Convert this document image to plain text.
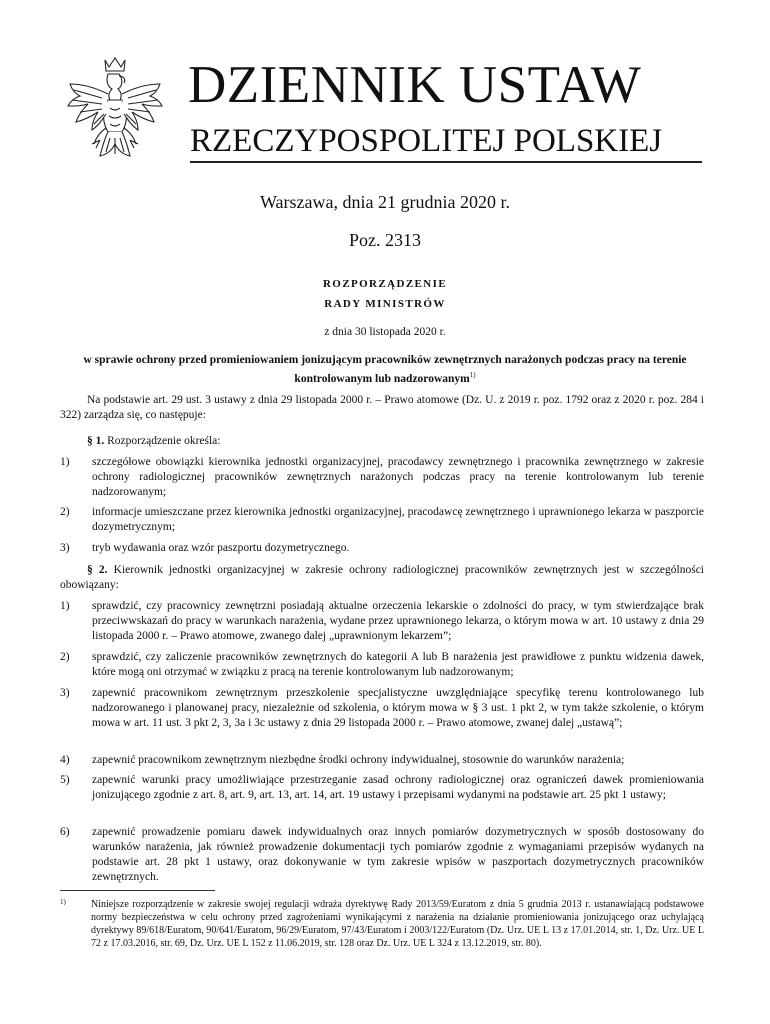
DZIENNIK USTAW
RZECZYPOSPOLITEJ POLSKIEJ
Warszawa, dnia 21 grudnia 2020 r.
Poz. 2313
ROZPORZĄDZENIE
RADY MINISTRÓW
z dnia 30 listopada 2020 r.
w sprawie ochrony przed promieniowaniem jonizującym pracowników zewnętrznych narażonych podczas pracy na terenie kontrolowanym lub nadzorowanym$^{1)}$
Na podstawie art. 29 ust. 3 ustawy z dnia 29 listopada 2000 r. – Prawo atomowe (Dz. U. z 2019 r. poz. 1792 oraz z 2020 r. poz. 284 i 322) zarządza się, co następuje:
§ 1. Rozporządzenie określa:
1) szczegółowe obowiązki kierownika jednostki organizacyjnej, pracodawcy zewnętrznego i pracownika zewnętrznego w zakresie ochrony radiologicznej pracowników zewnętrznych narażonych podczas pracy na terenie kontrolowanym lub terenie nadzorowanym;
2) informacje umieszczane przez kierownika jednostki organizacyjnej, pracodawcę zewnętrznego i uprawnionego lekarza w paszporcie dozymetrycznym;
3) tryb wydawania oraz wzór paszportu dozymetrycznego.
§ 2. Kierownik jednostki organizacyjnej w zakresie ochrony radiologicznej pracowników zewnętrznych jest w szczególności obowiązany:
1) sprawdzić, czy pracownicy zewnętrzni posiadają aktualne orzeczenia lekarskie o zdolności do pracy, w tym stwierdzające brak przeciwwskazań do pracy w warunkach narażenia, wydane przez uprawnionego lekarza, o którym mowa w art. 10 ustawy z dnia 29 listopada 2000 r. – Prawo atomowe, zwanego dalej „uprawnionym lekarzem”;
2) sprawdzić, czy zaliczenie pracowników zewnętrznych do kategorii A lub B narażenia jest prawidłowe z punktu widzenia dawek, które mogą oni otrzymać w związku z pracą na terenie kontrolowanym lub nadzorowanym;
3) zapewnić pracownikom zewnętrznym przeszkolenie specjalistyczne uwzględniające specyfikę terenu kontrolowanego lub nadzorowanego i planowanej pracy, niezależnie od szkolenia, o którym mowa w § 3 ust. 1 pkt 2, w tym także szkolenie, o którym mowa w art. 11 ust. 3 pkt 2, 3, 3a i 3c ustawy z dnia 29 listopada 2000 r. – Prawo atomowe, zwanej dalej „ustawą”;
4) zapewnić pracownikom zewnętrznym niezbędne środki ochrony indywidualnej, stosownie do warunków narażenia;
5) zapewnić warunki pracy umożliwiające przestrzeganie zasad ochrony radiologicznej oraz ograniczeń dawek promieniowania jonizującego zgodnie z art. 8, art. 9, art. 13, art. 14, art. 19 ustawy i przepisami wydanymi na podstawie art. 25 pkt 1 ustawy;
6) zapewnić prowadzenie pomiaru dawek indywidualnych oraz innych pomiarów dozymetrycznych w sposób dostosowany do warunków narażenia, jak również prowadzenie dokumentacji tych pomiarów zgodnie z wymaganiami przepisów wydanych na podstawie art. 28 pkt 1 ustawy, oraz dokonywanie w tym zakresie wpisów w paszportach dozymetrycznych pracowników zewnętrznych.
1)	Niniejsze rozporządzenie w zakresie swojej regulacji wdraża dyrektywę Rady 2013/59/Euratom z dnia 5 grudnia 2013 r. ustanawiającą podstawowe normy bezpieczeństwa w celu ochrony przed zagrożeniami wynikającymi z narażenia na działanie promieniowania jonizującego oraz uchylającą dyrektywy 89/618/Euratom, 90/641/Euratom, 96/29/Euratom, 97/43/Euratom i 2003/122/Euratom (Dz. Urz. UE L 13 z 17.01.2014, str. 1, Dz. Urz. UE L 72 z 17.03.2016, str. 69, Dz. Urz. UE L 152 z 11.06.2019, str. 128 oraz Dz. Urz. UE L 324 z 13.12.2019, str. 80).
